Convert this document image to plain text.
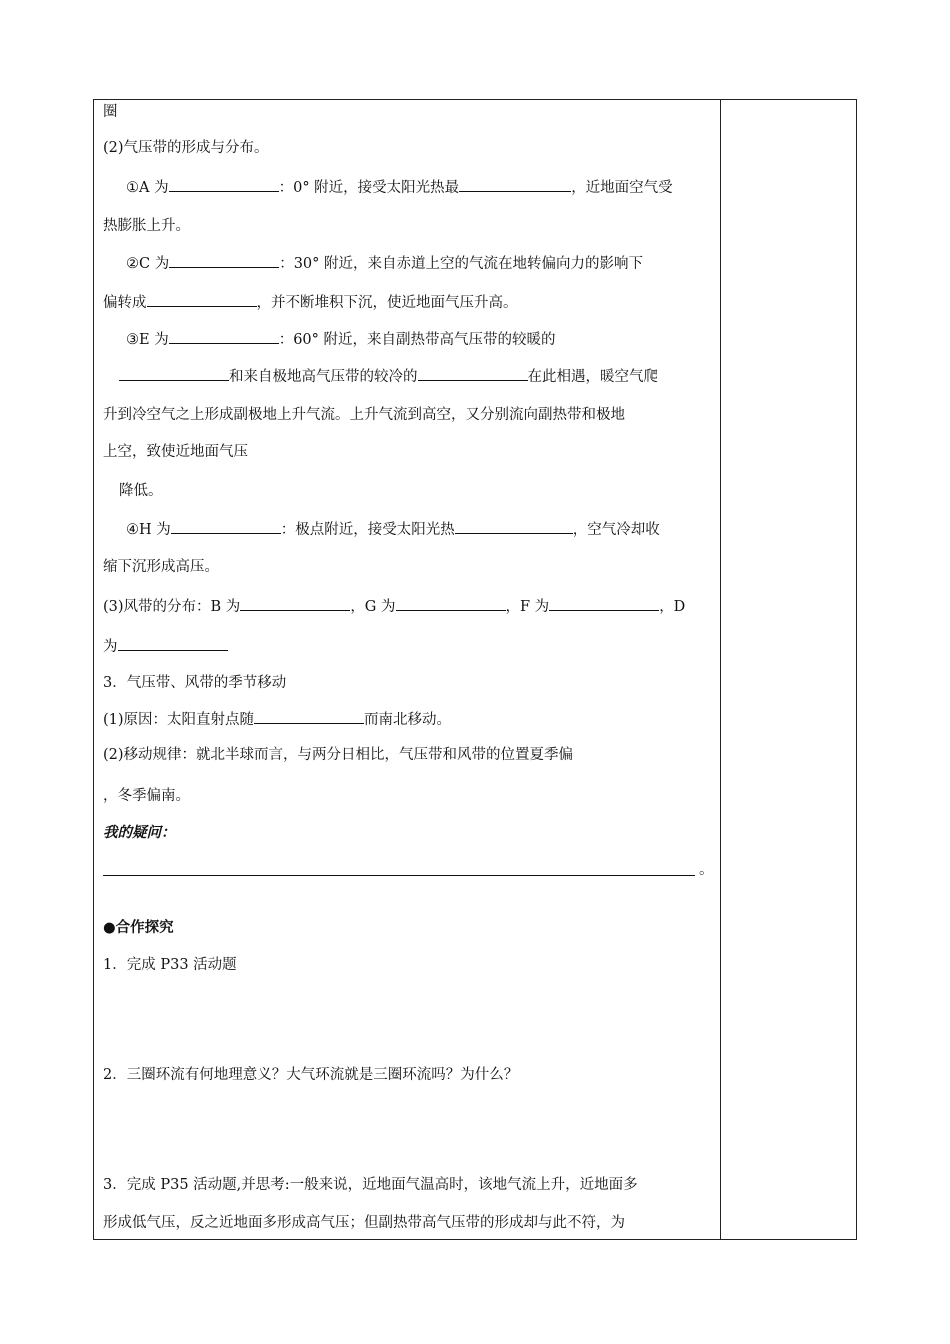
圈
(2)气压带的形成与分布。
①A 为	：0° 附近，接受太阳光热最	，近地面空气受
热膨胀上升。
②C 为	：30° 附近，来自赤道上空的气流在地转偏向力的影响下
偏转成	，并不断堆积下沉，使近地面气压升高。
③E 为	：60° 附近，来自副热带高气压带的较暖的
和来自极地高气压带的较冷的	在此相遇，暖空气爬
升到冷空气之上形成副极地上升气流。上升气流到高空，又分别流向副热带和极地
上空，致使近地面气压
降低。
④H 为	：极点附近，接受太阳光热	，空气冷却收
缩下沉形成高压。
(3)风带的分布：B 为	，G 为	，F 为	，D
为
3．气压带、风带的季节移动
(1)原因：太阳直射点随	而南北移动。
(2)移动规律：就北半球而言，与两分日相比，气压带和风带的位置夏季偏
，冬季偏南。
我的疑问：
。
●合作探究
1．完成 P33 活动题
2．三圈环流有何地理意义？大气环流就是三圈环流吗？为什么？
3．完成 P35 活动题,并思考:一般来说，近地面气温高时，该地气流上升，近地面多
形成低气压，反之近地面多形成高气压；但副热带高气压带的形成却与此不符，为
